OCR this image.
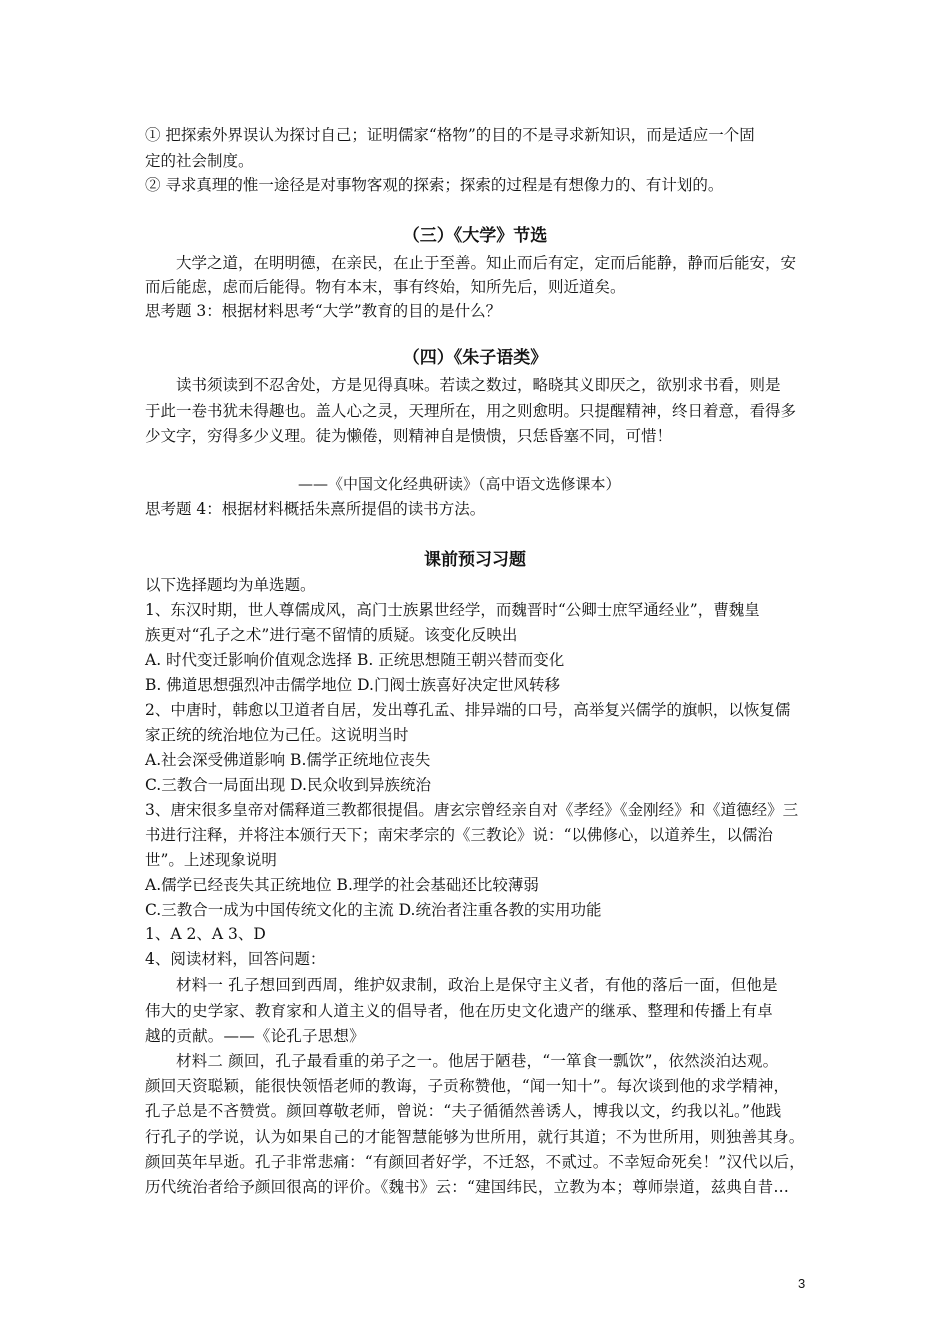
① 把探索外界误认为探讨自己；证明儒家“格物”的目的不是寻求新知识，而是适应一个固
定的社会制度。
② 寻求真理的惟一途径是对事物客观的探索；探索的过程是有想像力的、有计划的。
（三）《大学》节选
大学之道，在明明德，在亲民，在止于至善。知止而后有定，定而后能静，静而后能安，安
而后能虑，虑而后能得。物有本末，事有终始，知所先后，则近道矣。
思考题 3：根据材料思考“大学”教育的目的是什么？
（四）《朱子语类》
读书须读到不忍舍处，方是见得真味。若读之数过，略晓其义即厌之，欲别求书看，则是
于此一卷书犹未得趣也。盖人心之灵，天理所在，用之则愈明。只提醒精神，终日着意，看得多
少文字，穷得多少义理。徒为懒倦，则精神自是愦愦，只恁昏塞不同，可惜！
——《中国文化经典研读》（高中语文选修课本）
思考题 4：根据材料概括朱熹所提倡的读书方法。
课前预习习题
以下选择题均为单选题。
1、东汉时期，世人尊儒成风，高门士族累世经学，而魏晋时“公卿士庶罕通经业”，曹魏皇
族更对“孔子之术”进行毫不留情的质疑。该变化反映出
A. 时代变迁影响价值观念选择 B. 正统思想随王朝兴替而变化
B. 佛道思想强烈冲击儒学地位 D.门阀士族喜好决定世风转移
2、中唐时，韩愈以卫道者自居，发出尊孔孟、排异端的口号，高举复兴儒学的旗帜，以恢复儒
家正统的统治地位为己任。这说明当时
A.社会深受佛道影响 B.儒学正统地位丧失
C.三教合一局面出现 D.民众收到异族统治
3、唐宋很多皇帝对儒释道三教都很提倡。唐玄宗曾经亲自对《孝经》《金刚经》和《道德经》三
书进行注释，并将注本颁行天下；南宋孝宗的《三教论》说：“以佛修心，以道养生，以儒治
世”。上述现象说明
A.儒学已经丧失其正统地位 B.理学的社会基础还比较薄弱
C.三教合一成为中国传统文化的主流 D.统治者注重各教的实用功能
1、A 2、A 3、D
4、阅读材料，回答问题：
材料一 孔子想回到西周，维护奴隶制，政治上是保守主义者，有他的落后一面，但他是
伟大的史学家、教育家和人道主义的倡导者，他在历史文化遗产的继承、整理和传播上有卓
越的贡献。——《论孔子思想》
材料二 颜回，孔子最看重的弟子之一。他居于陋巷，“一箪食一瓢饮”，依然淡泊达观。
颜回天资聪颖，能很快领悟老师的教诲，子贡称赞他，“闻一知十”。每次谈到他的求学精神，
孔子总是不吝赞赏。颜回尊敬老师，曾说：“夫子循循然善诱人，博我以文，约我以礼。”他践
行孔子的学说，认为如果自己的才能智慧能够为世所用，就行其道；不为世所用，则独善其身。
颜回英年早逝。孔子非常悲痛：“有颜回者好学，不迁怒，不贰过。不幸短命死矣！”汉代以后，
历代统治者给予颜回很高的评价。《魏书》云：“建国纬民，立教为本；尊师崇道，兹典自昔…
3
